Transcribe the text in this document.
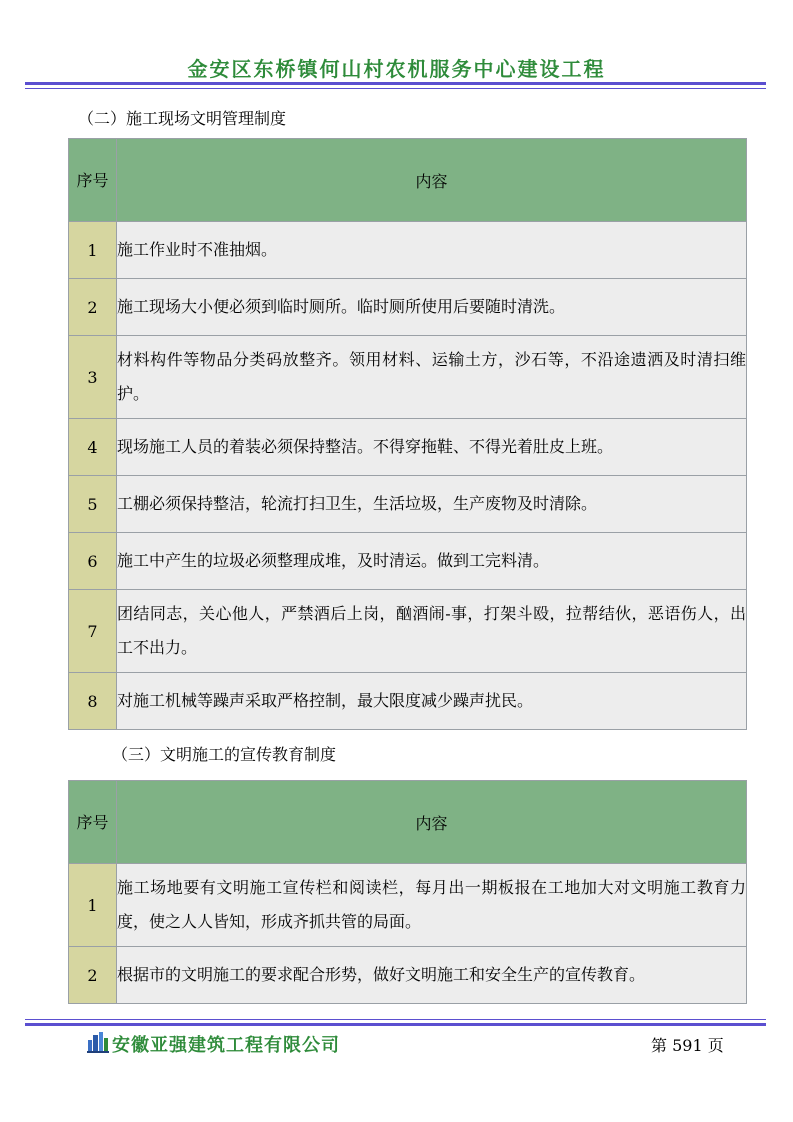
金安区东桥镇何山村农机服务中心建设工程
（二）施工现场文明管理制度
序号	内容
1	施工作业时不准抽烟。
2	施工现场大小便必须到临时厕所。临时厕所使用后要随时清洗。
3	材料构件等物品分类码放整齐。领用材料、运输土方，沙石等，不沿途遗洒及时清扫维护。
4	现场施工人员的着装必须保持整洁。不得穿拖鞋、不得光着肚皮上班。
5	工棚必须保持整洁，轮流打扫卫生，生活垃圾，生产废物及时清除。
6	施工中产生的垃圾必须整理成堆，及时清运。做到工完料清。
7	团结同志，关心他人，严禁酒后上岗，酗酒闹-事，打架斗殴，拉帮结伙，恶语伤人，出工不出力。
8	对施工机械等躁声采取严格控制，最大限度减少躁声扰民。
（三）文明施工的宣传教育制度
序号	内容
1	施工场地要有文明施工宣传栏和阅读栏，每月出一期板报在工地加大对文明施工教育力度，使之人人皆知，形成齐抓共管的局面。
2	根据市的文明施工的要求配合形势，做好文明施工和安全生产的宣传教育。
安徽亚强建筑工程有限公司	第 591 页
